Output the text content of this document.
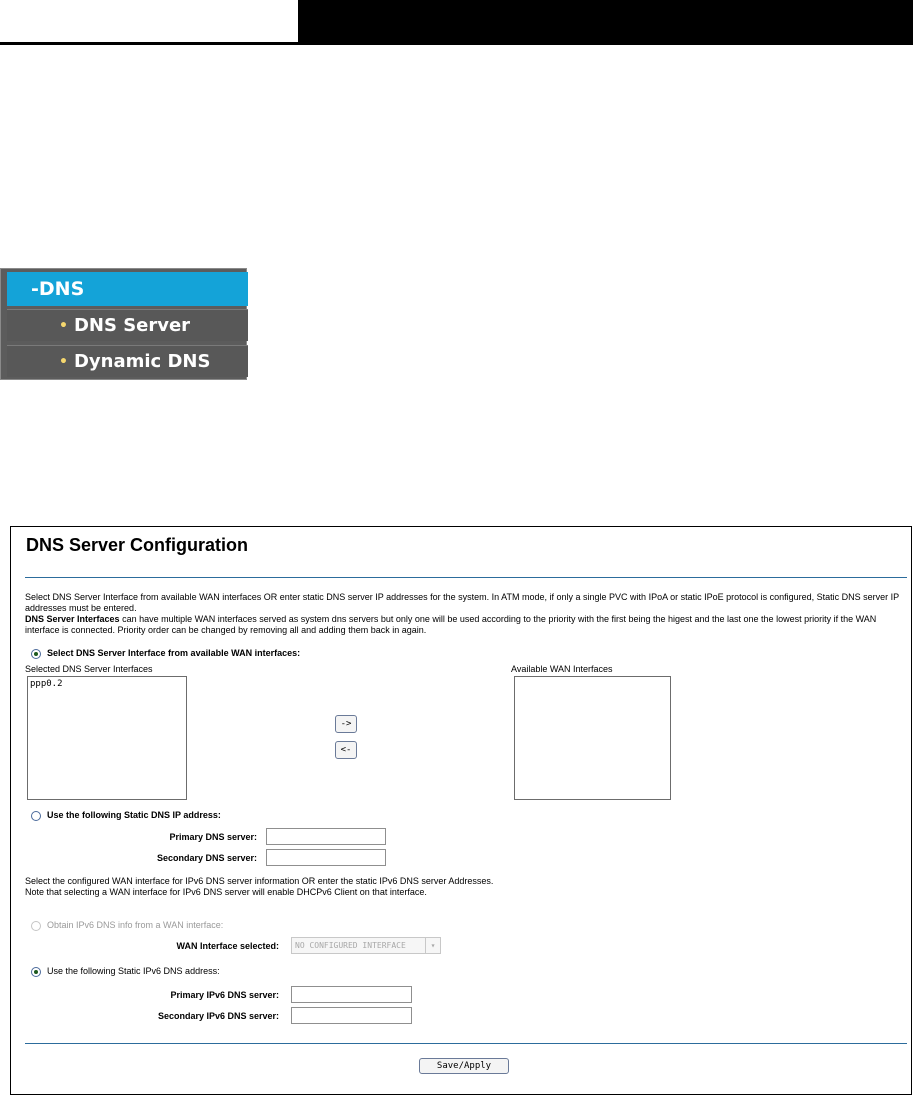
-DNS
• DNS Server
• Dynamic DNS
DNS Server Configuration
Select DNS Server Interface from available WAN interfaces OR enter static DNS server IP addresses for the system. In ATM mode, if only a single PVC with IPoA or static IPoE protocol is configured, Static DNS server IP addresses must be entered.
DNS Server Interfaces can have multiple WAN interfaces served as system dns servers but only one will be used according to the priority with the first being the higest and the last one the lowest priority if the WAN interface is connected. Priority order can be changed by removing all and adding them back in again.
Select DNS Server Interface from available WAN interfaces:
Selected DNS Server Interfaces
ppp0.2
->
<-
Available WAN Interfaces
Use the following Static DNS IP address:
Primary DNS server:
Secondary DNS server:
Select the configured WAN interface for IPv6 DNS server information OR enter the static IPv6 DNS server Addresses.
Note that selecting a WAN interface for IPv6 DNS server will enable DHCPv6 Client on that interface.
Obtain IPv6 DNS info from a WAN interface:
WAN Interface selected:	NO CONFIGURED INTERFACE	▾
Use the following Static IPv6 DNS address:
Primary IPv6 DNS server:
Secondary IPv6 DNS server:
Save/Apply
